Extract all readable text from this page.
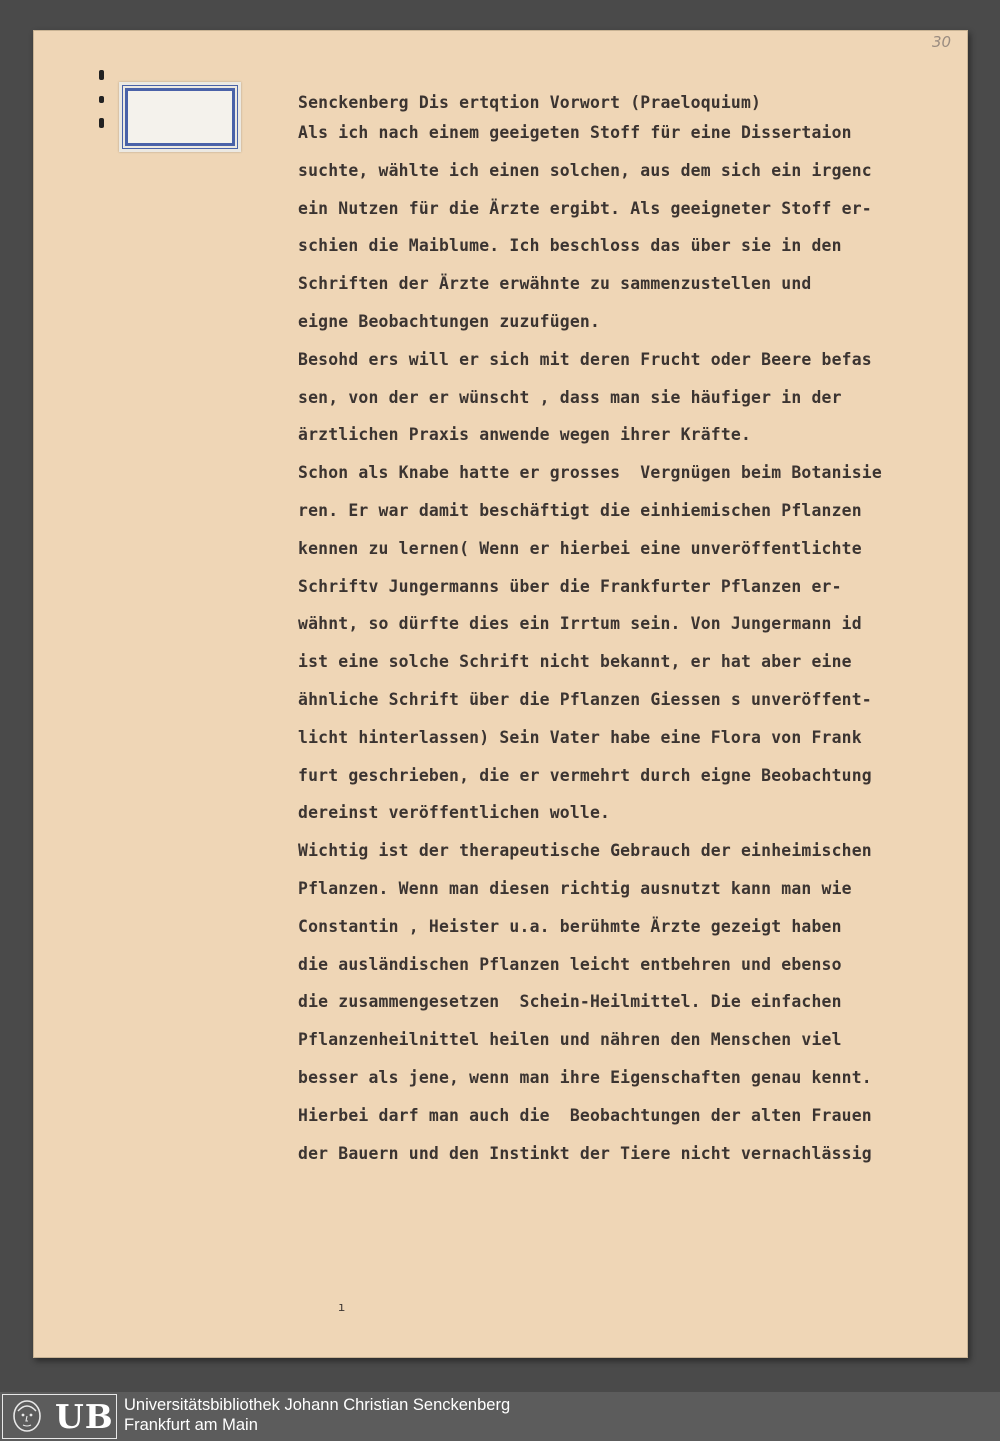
30
Senckenberg Dis ertqtion Vorwort (Praeloquium)
Als ich nach einem geeigeten Stoff für eine Dissertaion
suchte, wählte ich einen solchen, aus dem sich ein irgenc
ein Nutzen für die Ärzte ergibt. Als geeigneter Stoff er-
schien die Maiblume. Ich beschloss das über sie in den
Schriften der Ärzte erwähnte zu sammenzustellen und
eigne Beobachtungen zuzufügen.
Besohd ers will er sich mit deren Frucht oder Beere befas
sen, von der er wünscht , dass man sie häufiger in der
ärztlichen Praxis anwende wegen ihrer Kräfte.
Schon als Knabe hatte er grosses  Vergnügen beim Botanisie
ren. Er war damit beschäftigt die einhiemischen Pflanzen
kennen zu lernen( Wenn er hierbei eine unveröffentlichte
Schriftv Jungermanns über die Frankfurter Pflanzen er-
wähnt, so dürfte dies ein Irrtum sein. Von Jungermann id
ist eine solche Schrift nicht bekannt, er hat aber eine
ähnliche Schrift über die Pflanzen Giessen s unveröffent-
licht hinterlassen) Sein Vater habe eine Flora von Frank
furt geschrieben, die er vermehrt durch eigne Beobachtung
dereinst veröffentlichen wolle.
Wichtig ist der therapeutische Gebrauch der einheimischen
Pflanzen. Wenn man diesen richtig ausnutzt kann man wie
Constantin , Heister u.a. berühmte Ärzte gezeigt haben
die ausländischen Pflanzen leicht entbehren und ebenso
die zusammengesetzen  Schein-Heilmittel. Die einfachen
Pflanzenheilnittel heilen und nähren den Menschen viel
besser als jene, wenn man ihre Eigenschaften genau kennt.
Hierbei darf man auch die  Beobachtungen der alten Frauen
der Bauern und den Instinkt der Tiere nicht vernachlässig
ı
UB Universitätsbibliothek Johann Christian Senckenberg
Frankfurt am Main
